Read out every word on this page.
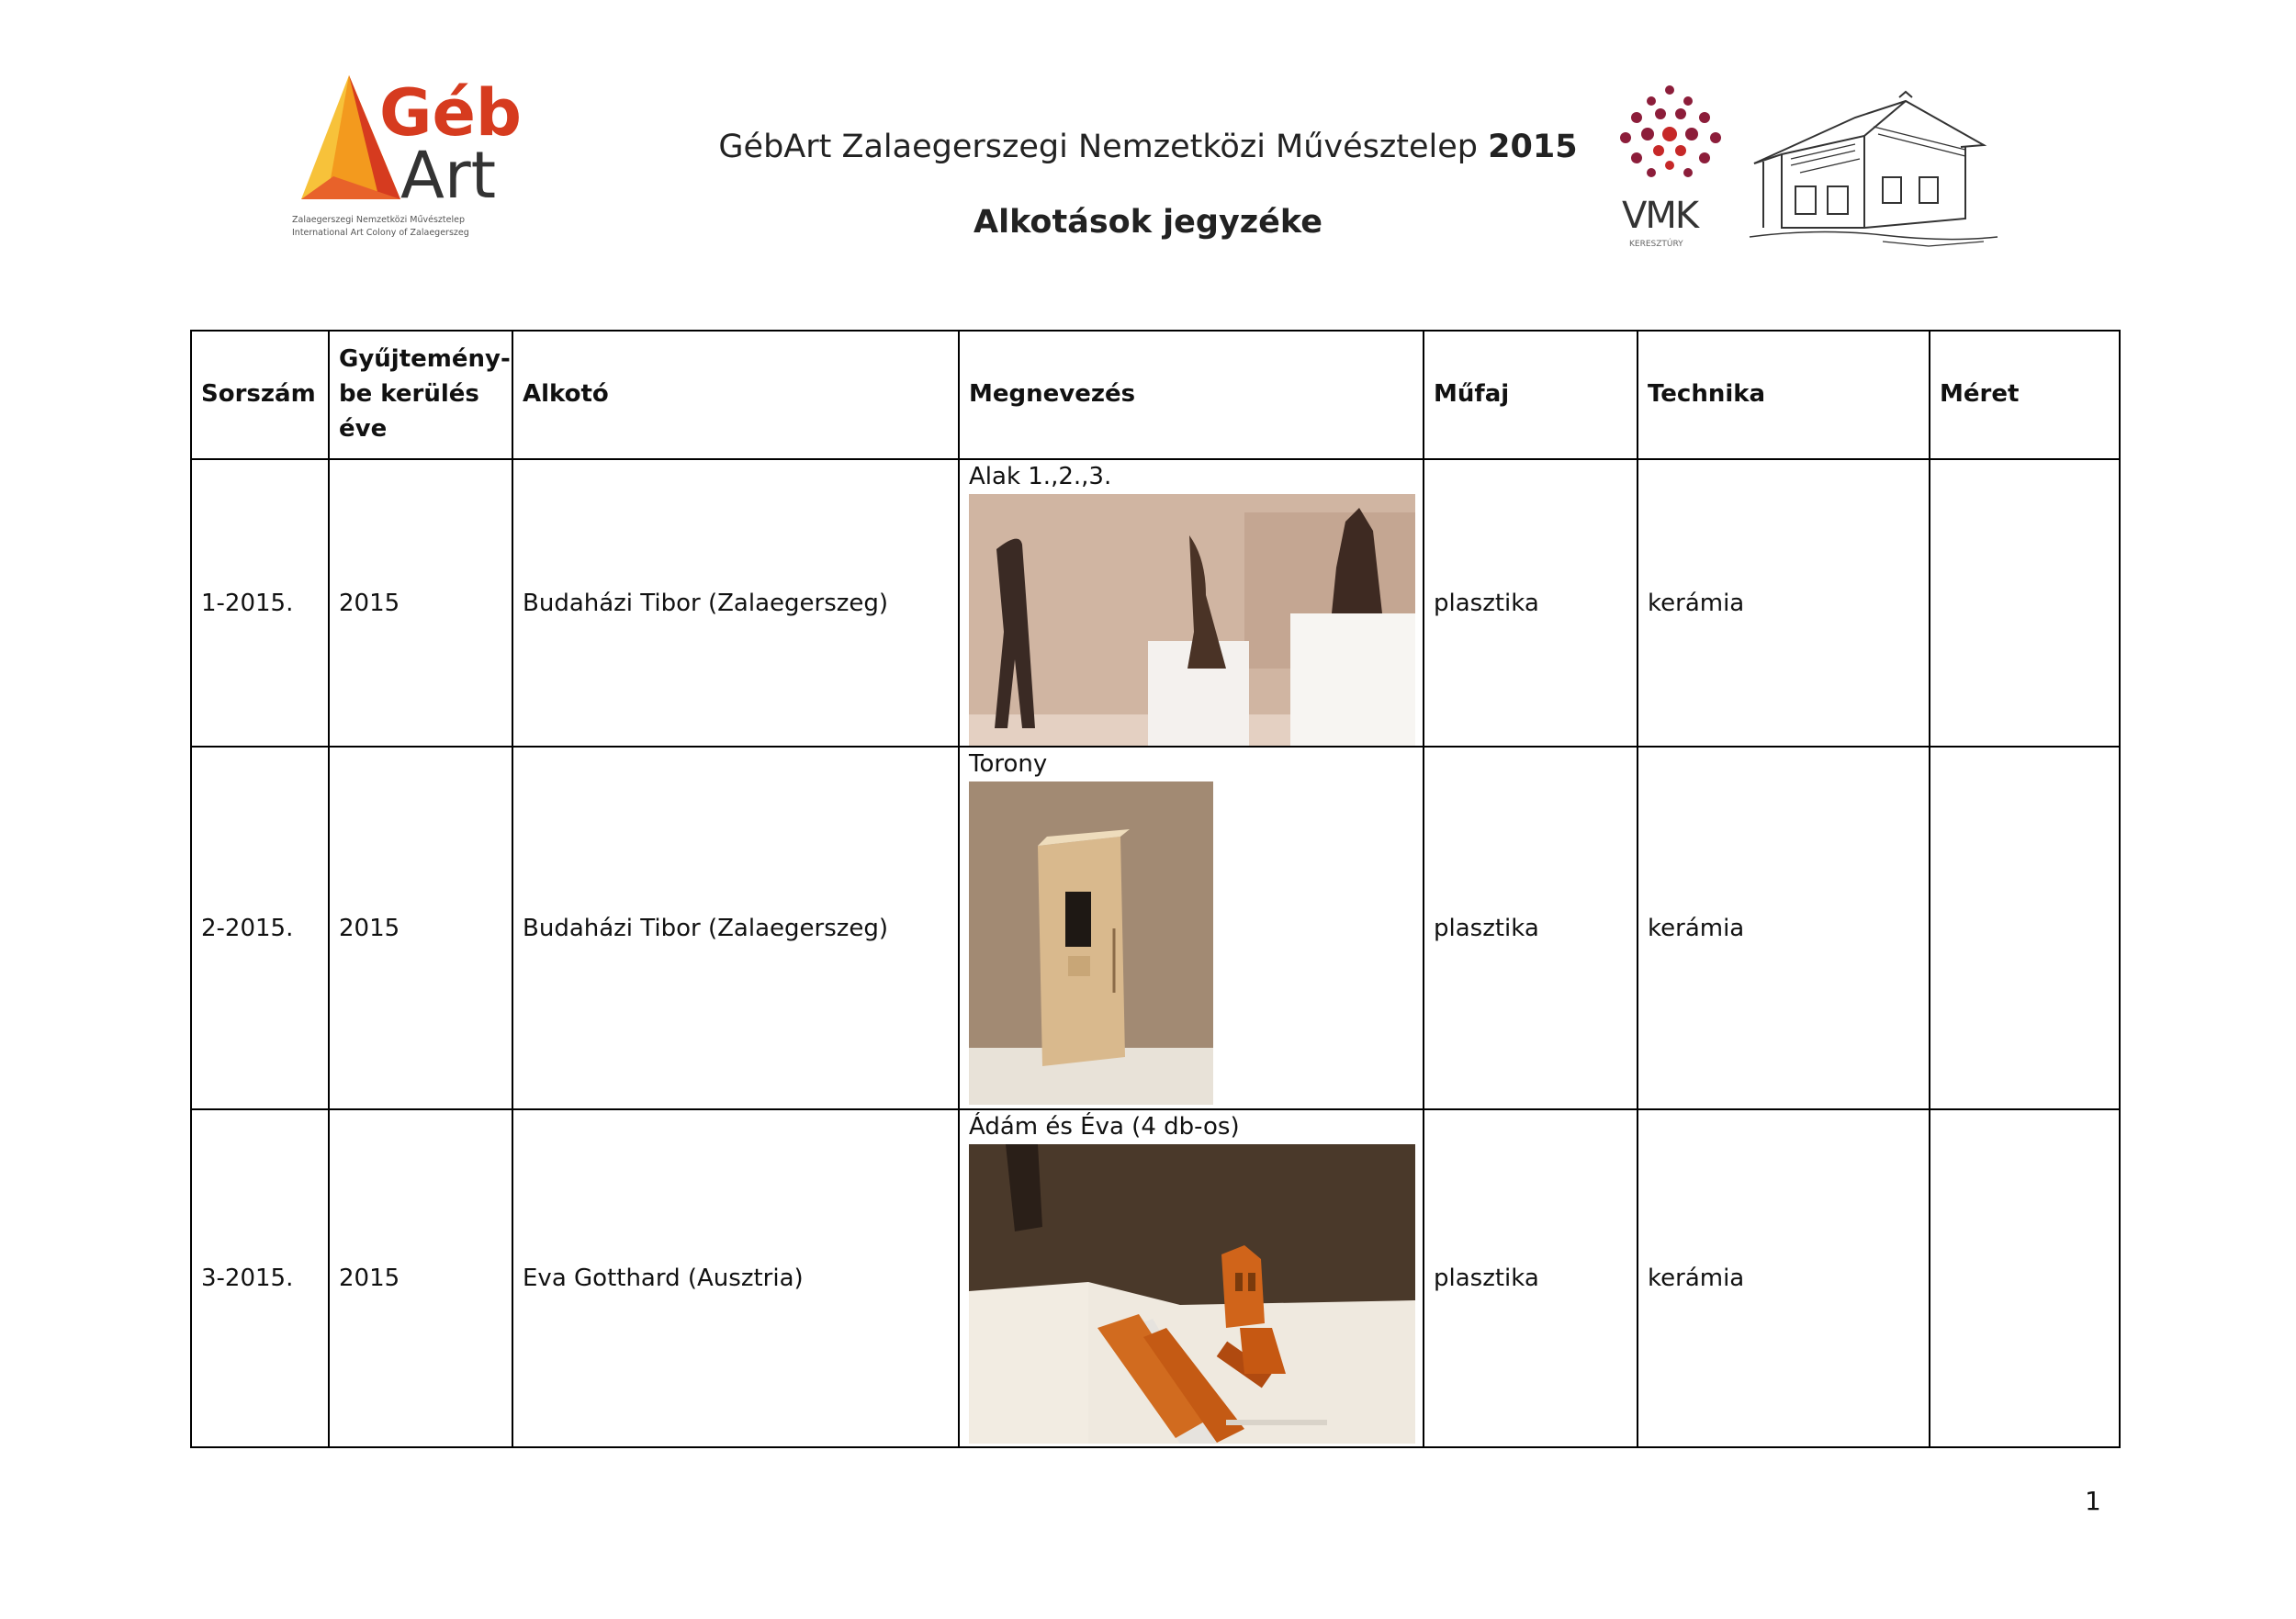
Géb
Art
Zalaegerszegi Nemzetközi Művésztelep
International Art Colony of Zalaegerszeg
GébArt Zalaegerszegi Nemzetközi Művésztelep 2015
Alkotások jegyzéke	VMK
KERESZTÚRY
Sorszám	Gyűjtemény-be kerülés éve	Alkotó	Megnevezés	Műfaj	Technika	Méret
1-2015.	2015	Budaházi Tibor (Zalaegerszeg)	Alak 1.,2.,3.	plasztika	kerámia	
2-2015.	2015	Budaházi Tibor (Zalaegerszeg)	Torony	plasztika	kerámia	
3-2015.	2015	Eva Gotthard (Ausztria)	Ádám és Éva (4 db-os)	plasztika	kerámia	
1
